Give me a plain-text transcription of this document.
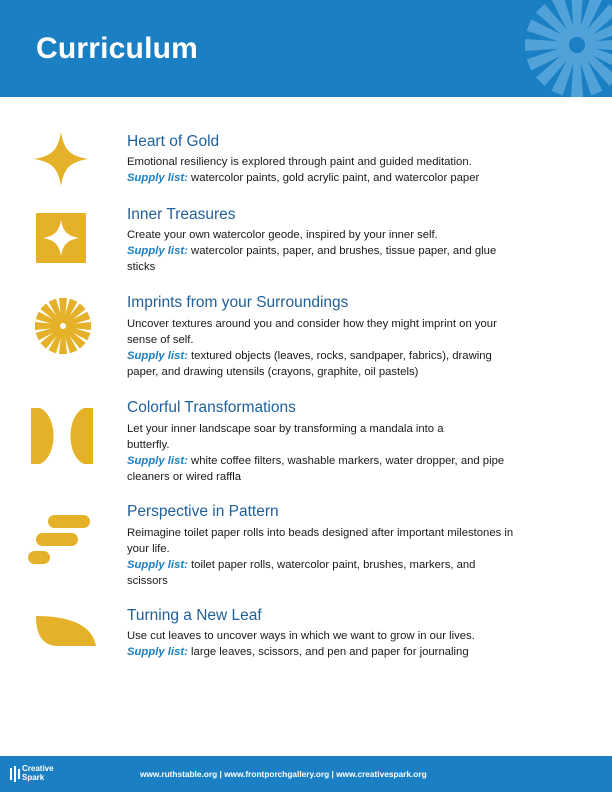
Curriculum
Heart of Gold

Emotional resiliency is explored through paint and guided meditation.

Supply list: watercolor paints, gold acrylic paint, and watercolor paper

Inner Treasures

Create your own watercolor geode, inspired by your inner self.

Supply list: watercolor paints, paper, and brushes, tissue paper, and glue sticks

Imprints from your Surroundings

Uncover textures around you and consider how they might imprint on your sense of self.

Supply list: textured objects (leaves, rocks, sandpaper, fabrics), drawing paper, and drawing utensils (crayons, graphite, oil pastels)

Colorful Transformations

Let your inner landscape soar by transforming a mandala into a butterfly.

Supply list: white coffee filters, washable markers, water dropper, and pipe cleaners or wired raffla

Perspective in Pattern

Reimagine toilet paper rolls into beads designed after important milestones in your life.

Supply list: toilet paper rolls, watercolor paint, brushes, markers, and scissors

Turning a New Leaf

Use cut leaves to uncover ways in which we want to grow in our lives.

Supply list: large leaves, scissors, and pen and paper for journaling

Creative
Spark	www.ruthstable.org | www.frontporchgallery.org | www.creativespark.org
